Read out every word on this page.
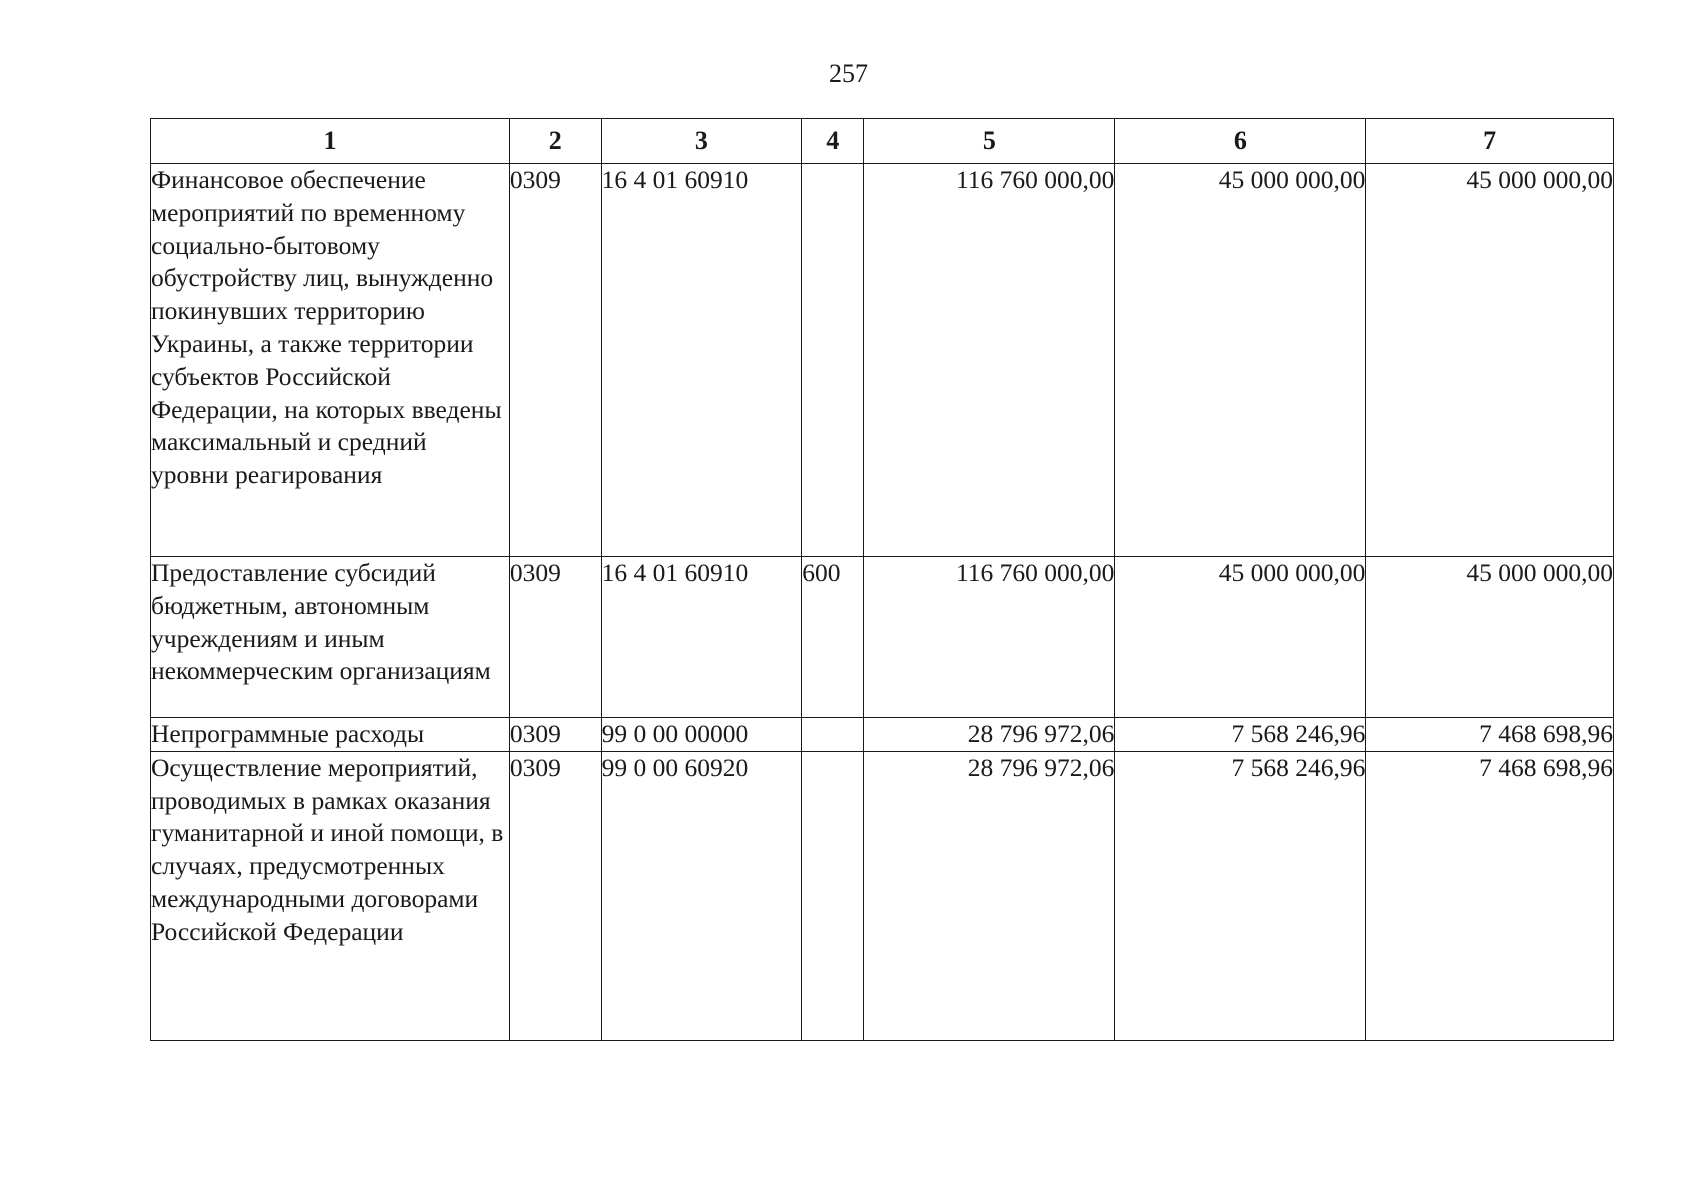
257
1	2	3	4	5	6	7
Финансовое обеспечение мероприятий по временному социально-бытовому обустройству лиц, вынужденно покинувших территорию Украины, а также территории субъектов Российской Федерации, на которых введены максимальный и средний уровни реагирования	0309	16 4 01 60910		116 760 000,00	45 000 000,00	45 000 000,00
Предоставление субсидий бюджетным, автономным учреждениям и иным некоммерческим организациям	0309	16 4 01 60910	600	116 760 000,00	45 000 000,00	45 000 000,00
Непрограммные расходы	0309	99 0 00 00000		28 796 972,06	7 568 246,96	7 468 698,96
Осуществление мероприятий, проводимых в рамках оказания гуманитарной и иной помощи, в случаях, предусмотренных международными договорами Российской Федерации	0309	99 0 00 60920		28 796 972,06	7 568 246,96	7 468 698,96
